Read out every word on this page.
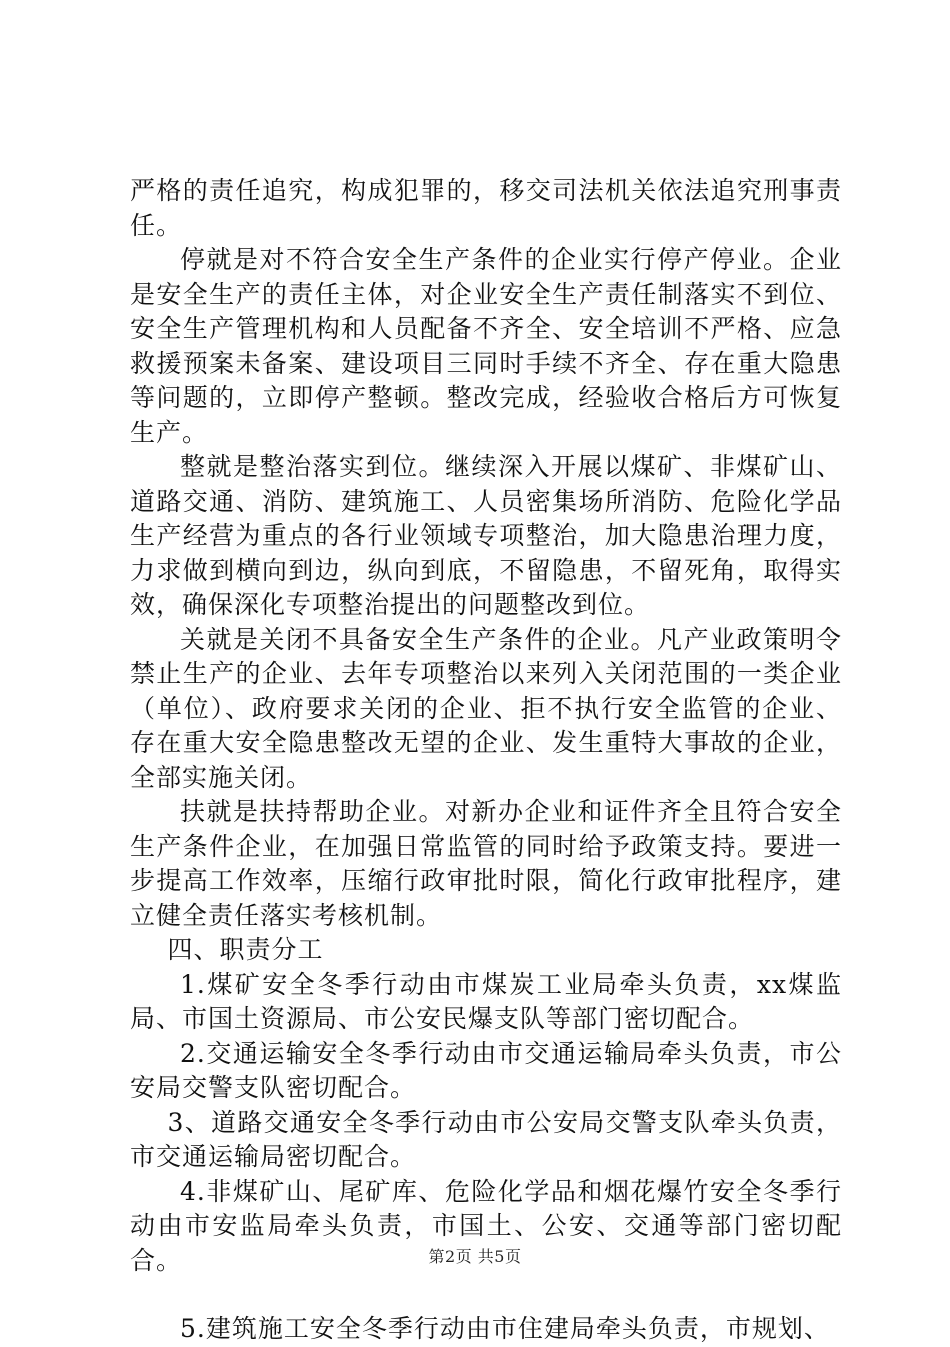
严格的责任追究，构成犯罪的，移交司法机关依法追究刑事责任。

停就是对不符合安全生产条件的企业实行停产停业。企业是安全生产的责任主体，对企业安全生产责任制落实不到位、安全生产管理机构和人员配备不齐全、安全培训不严格、应急救援预案未备案、建设项目三同时手续不齐全、存在重大隐患等问题的，立即停产整顿。整改完成，经验收合格后方可恢复生产。

整就是整治落实到位。继续深入开展以煤矿、非煤矿山、道路交通、消防、建筑施工、人员密集场所消防、危险化学品生产经营为重点的各行业领域专项整治，加大隐患治理力度，力求做到横向到边，纵向到底，不留隐患，不留死角，取得实效，确保深化专项整治提出的问题整改到位。

关就是关闭不具备安全生产条件的企业。凡产业政策明令禁止生产的企业、去年专项整治以来列入关闭范围的一类企业（单位）、政府要求关闭的企业、拒不执行安全监管的企业、存在重大安全隐患整改无望的企业、发生重特大事故的企业，全部实施关闭。

扶就是扶持帮助企业。对新办企业和证件齐全且符合安全生产条件企业，在加强日常监管的同时给予政策支持。要进一步提高工作效率，压缩行政审批时限，简化行政审批程序，建立健全责任落实考核机制。

四、职责分工

1.煤矿安全冬季行动由市煤炭工业局牵头负责，xx煤监局、市国土资源局、市公安民爆支队等部门密切配合。

2.交通运输安全冬季行动由市交通运输局牵头负责，市公安局交警支队密切配合。

3、道路交通安全冬季行动由市公安局交警支队牵头负责，市交通运输局密切配合。

4.非煤矿山、尾矿库、危险化学品和烟花爆竹安全冬季行动由市安监局牵头负责，市国土、公安、交通等部门密切配合。

5.建筑施工安全冬季行动由市住建局牵头负责，市规划、

第2页 共5页
